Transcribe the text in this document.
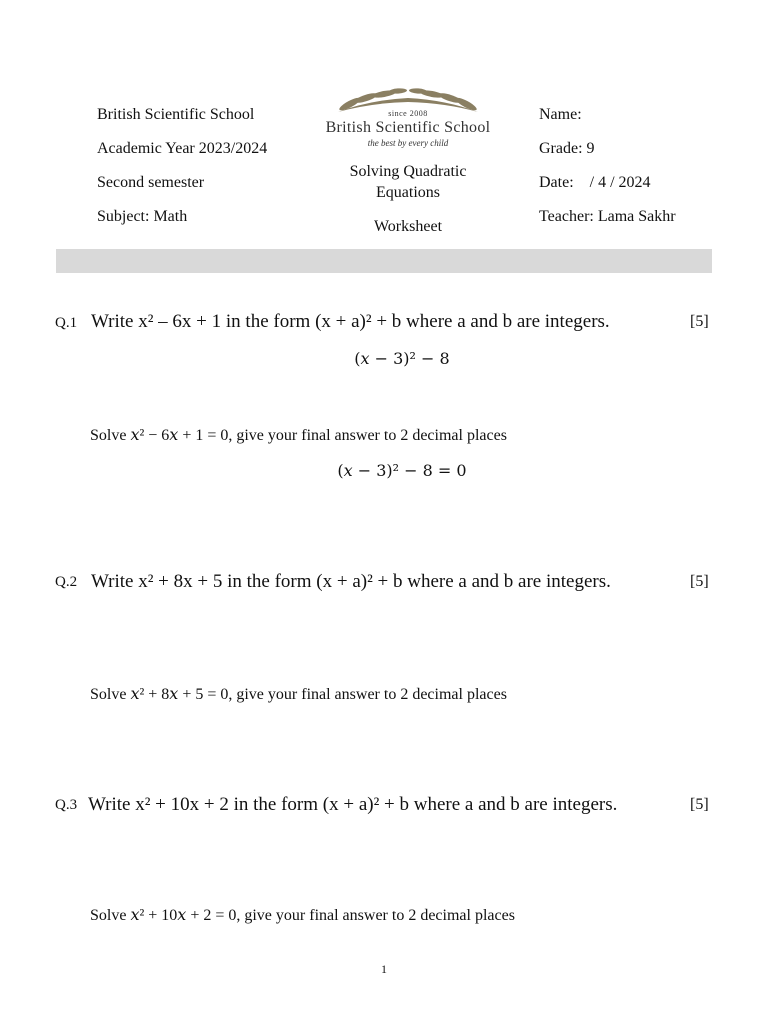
British Scientific School
Academic Year 2023/2024
Second semester
Subject: Math
since 2008
British Scientific School
the best by every child
Solving Quadratic
Equations
Worksheet
Name:
Grade: 9
Date: / 4 / 2024
Teacher: Lama Sakhr
Q.1 Write x² – 6x + 1 in the form (x + a)² + b where a and b are integers.	[5]
(𝑥 − 3)² − 8
Solve 𝑥² − 6𝑥 + 1 = 0, give your final answer to 2 decimal places
(𝑥 − 3)² − 8 = 0
Q.2 Write x² + 8x + 5 in the form (x + a)² + b where a and b are integers.	[5]
Solve 𝑥² + 8𝑥 + 5 = 0, give your final answer to 2 decimal places
Q.3 Write x² + 10x + 2 in the form (x + a)² + b where a and b are integers.	[5]
Solve 𝑥² + 10𝑥 + 2 = 0, give your final answer to 2 decimal places
1
